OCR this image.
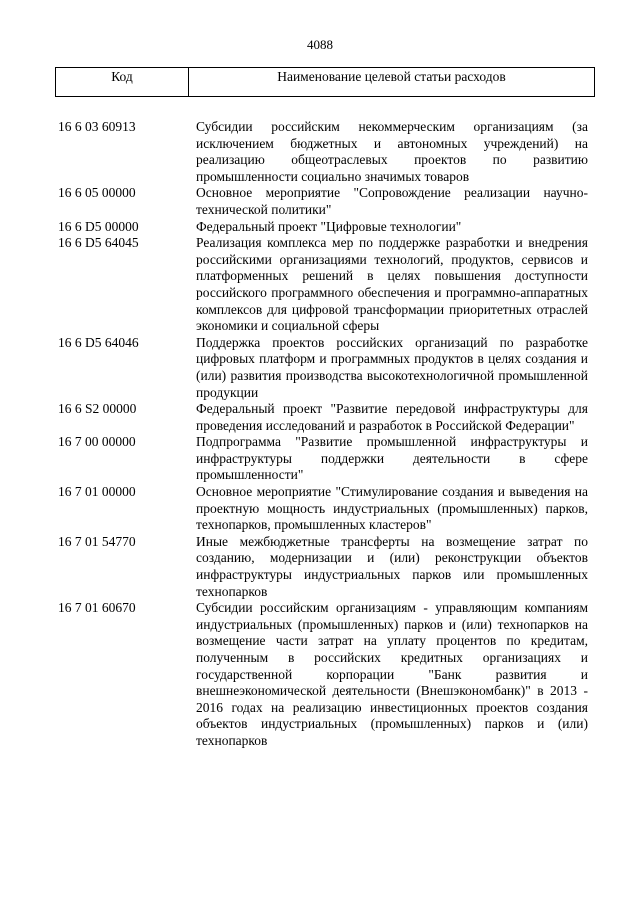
4088
Код	Наименование целевой статьи расходов
16 6 03 60913	Субсидии российским некоммерческим организациям (за исключением бюджетных и автономных учреждений) на реализацию общеотраслевых проектов по развитию промышленности социально значимых товаров
16 6 05 00000	Основное мероприятие "Сопровождение реализации научно-технической политики"
16 6 D5 00000	Федеральный проект "Цифровые технологии"
16 6 D5 64045	Реализация комплекса мер по поддержке разработки и внедрения российскими организациями технологий, продуктов, сервисов и платформенных решений в целях повышения доступности российского программного обеспечения и программно-аппаратных комплексов для цифровой трансформации приоритетных отраслей экономики и социальной сферы
16 6 D5 64046	Поддержка проектов российских организаций по разработке цифровых платформ и программных продуктов в целях создания и (или) развития производства высокотехнологичной промышленной продукции
16 6 S2 00000	Федеральный проект "Развитие передовой инфраструктуры для проведения исследований и разработок в Российской Федерации"
16 7 00 00000	Подпрограмма "Развитие промышленной инфраструктуры и инфраструктуры поддержки деятельности в сфере промышленности"
16 7 01 00000	Основное мероприятие "Стимулирование создания и выведения на проектную мощность индустриальных (промышленных) парков, технопарков, промышленных кластеров"
16 7 01 54770	Иные межбюджетные трансферты на возмещение затрат по созданию, модернизации и (или) реконструкции объектов инфраструктуры индустриальных парков или промышленных технопарков
16 7 01 60670	Субсидии российским организациям - управляющим компаниям индустриальных (промышленных) парков и (или) технопарков на возмещение части затрат на уплату процентов по кредитам, полученным в российских кредитных организациях и государственной корпорации "Банк развития и внешнеэкономической деятельности (Внешэкономбанк)" в 2013 - 2016 годах на реализацию инвестиционных проектов создания объектов индустриальных (промышленных) парков и (или) технопарков
